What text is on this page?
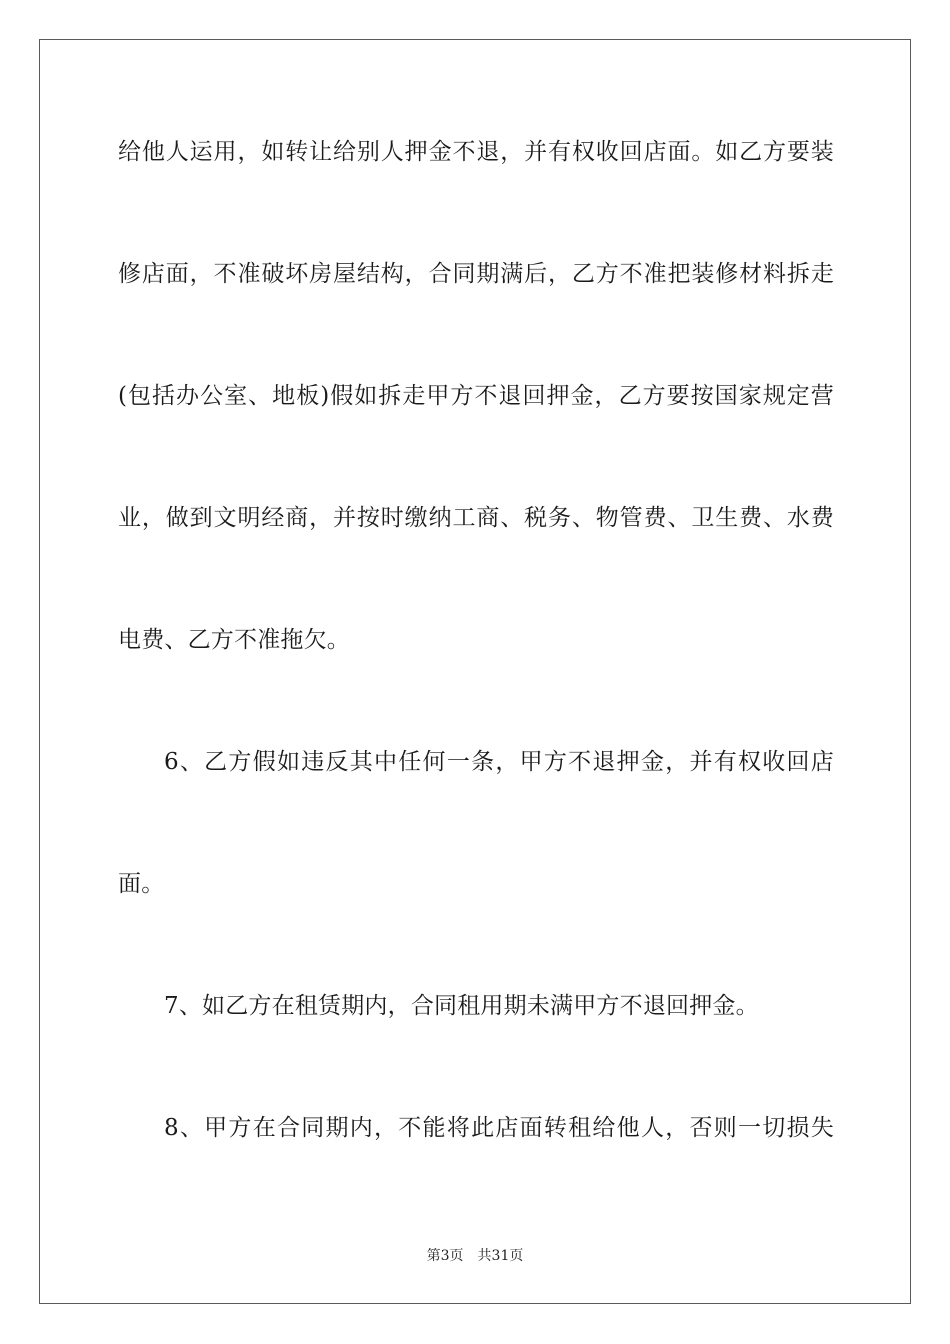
给他人运用，如转让给别人押金不退，并有权收回店面。如乙方要装
修店面，不准破坏房屋结构，合同期满后，乙方不准把装修材料拆走
(包括办公室、地板)假如拆走甲方不退回押金，乙方要按国家规定营
业，做到文明经商，并按时缴纳工商、税务、物管费、卫生费、水费
电费、乙方不准拖欠。
6、乙方假如违反其中任何一条，甲方不退押金，并有权收回店
面。
7、如乙方在租赁期内，合同租用期未满甲方不退回押金。
8、甲方在合同期内，不能将此店面转租给他人，否则一切损失
第3页 共31页
